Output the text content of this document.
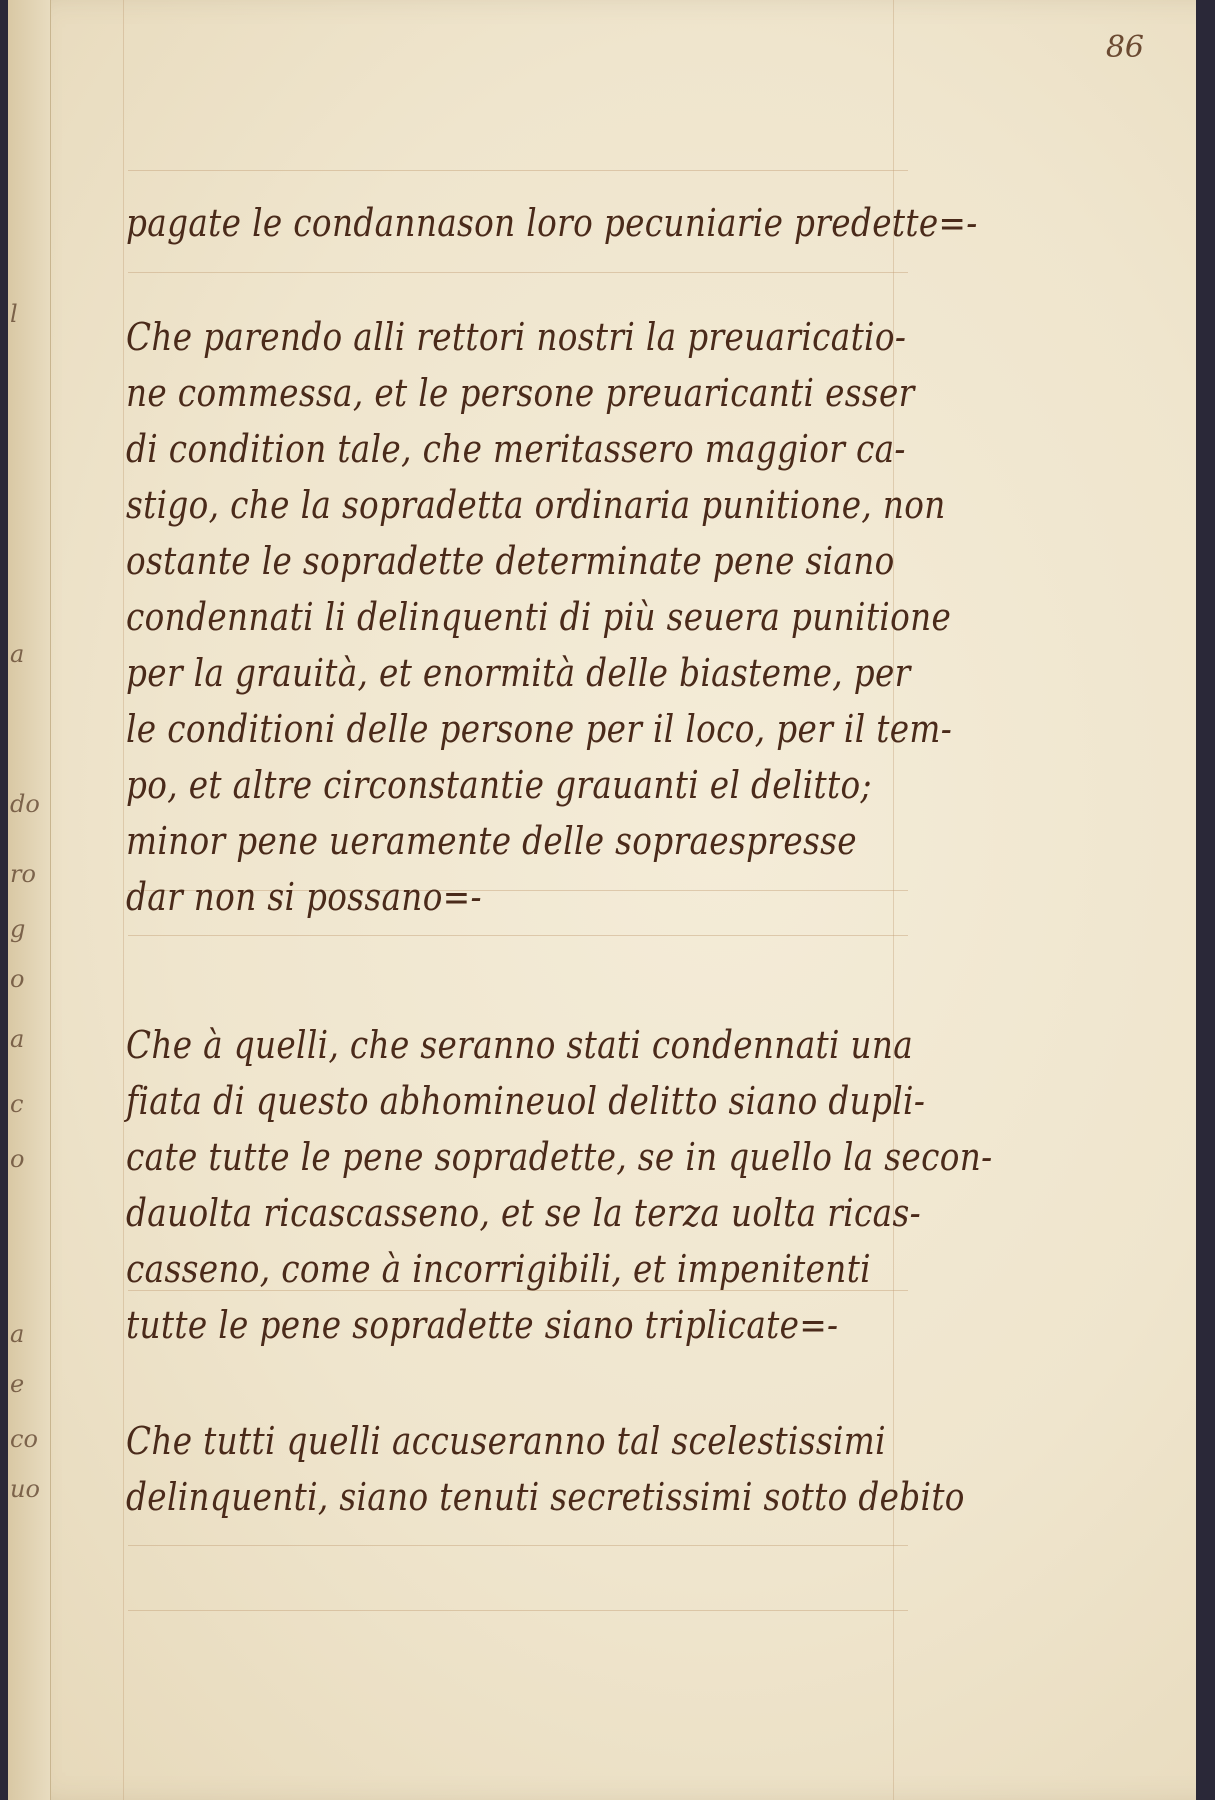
l
a
do
ro
g
o
a
c
o
a
e
co
uo
86
pagate le condannason loro pecuniarie predette=-
Che parendo alli rettori nostri la preuaricatio-
ne commessa, et le persone preuaricanti esser
di condition tale, che meritassero maggior ca-
stigo, che la sopradetta ordinaria punitione, non
ostante le sopradette determinate pene siano
condennati li delinquenti di più seuera punitione
per la grauità, et enormità delle biasteme, per
le conditioni delle persone per il loco, per il tem-
po, et altre circonstantie grauanti el delitto;
minor pene ueramente delle sopraespresse
dar non si possano=-
Che à quelli, che seranno stati condennati una
fiata di questo abhomineuol delitto siano dupli-
cate tutte le pene sopradette, se in quello la secon-
dauolta ricascasseno, et se la terza uolta ricas-
casseno, come à incorrigibili, et impenitenti
tutte le pene sopradette siano triplicate=-
Che tutti quelli accuseranno tal scelestissimi
delinquenti, siano tenuti secretissimi sotto debito
